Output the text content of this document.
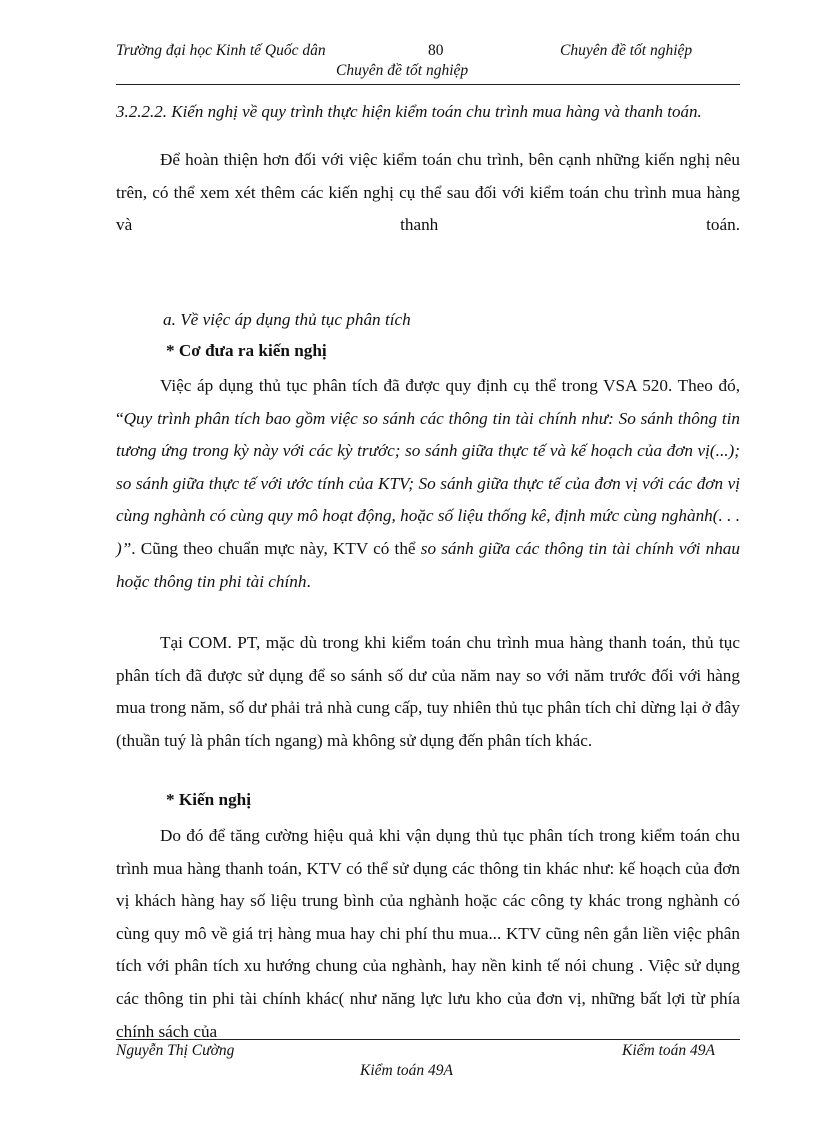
Trường đại học Kinh tế Quốc dân	80	Chuyên đề tốt nghiệp
Chuyên đề tốt nghiệp

3.2.2.2. Kiến nghị về quy trình thực hiện kiểm toán chu trình mua hàng và thanh toán.

Để hoàn thiện hơn đối với việc kiểm toán chu trình, bên cạnh những kiến nghị nêu trên, có thể xem xét thêm các kiến nghị cụ thể sau đối với kiểm toán chu trình mua hàng và thanh toán.

a. Về việc áp dụng thủ tục phân tích
* Cơ đưa ra kiến nghị

Việc áp dụng thủ tục phân tích đã được quy định cụ thể trong VSA 520. Theo đó, “Quy trình phân tích bao gồm việc so sánh các thông tin tài chính như: So sánh thông tin tương ứng trong kỳ này với các kỳ trước; so sánh giữa thực tế và kế hoạch của đơn vị(...); so sánh giữa thực tế với ước tính của KTV; So sánh giữa thực tế của đơn vị với các đơn vị cùng nghành có cùng quy mô hoạt động, hoặc số liệu thống kê, định mức cùng nghành(. . . )”. Cũng theo chuẩn mực này, KTV có thể so sánh giữa các thông tin tài chính với nhau hoặc thông tin phi tài chính.

Tại COM. PT, mặc dù trong khi kiểm toán chu trình mua hàng thanh toán, thủ tục phân tích đã được sử dụng để so sánh số dư của năm nay so với năm trước đối với hàng mua trong năm, số dư phải trả nhà cung cấp, tuy nhiên thủ tục phân tích chỉ dừng lại ở đây (thuần tuý là phân tích ngang) mà không sử dụng đến phân tích khác.

* Kiến nghị

Do đó để tăng cường hiệu quả khi vận dụng thủ tục phân tích trong kiểm toán chu trình mua hàng thanh toán, KTV có thể sử dụng các thông tin khác như: kế hoạch của đơn vị khách hàng hay số liệu trung bình của nghành hoặc các công ty khác trong nghành có cùng quy mô về giá trị hàng mua hay chi phí thu mua... KTV cũng nên gắn liền việc phân tích với phân tích xu hướng chung của nghành, hay nền kinh tế nói chung . Việc sử dụng các thông tin phi tài chính khác( như năng lực lưu kho của đơn vị, những bất lợi từ phía chính sách của

Nguyễn Thị Cường	Kiểm toán 49A
Kiểm toán 49A
